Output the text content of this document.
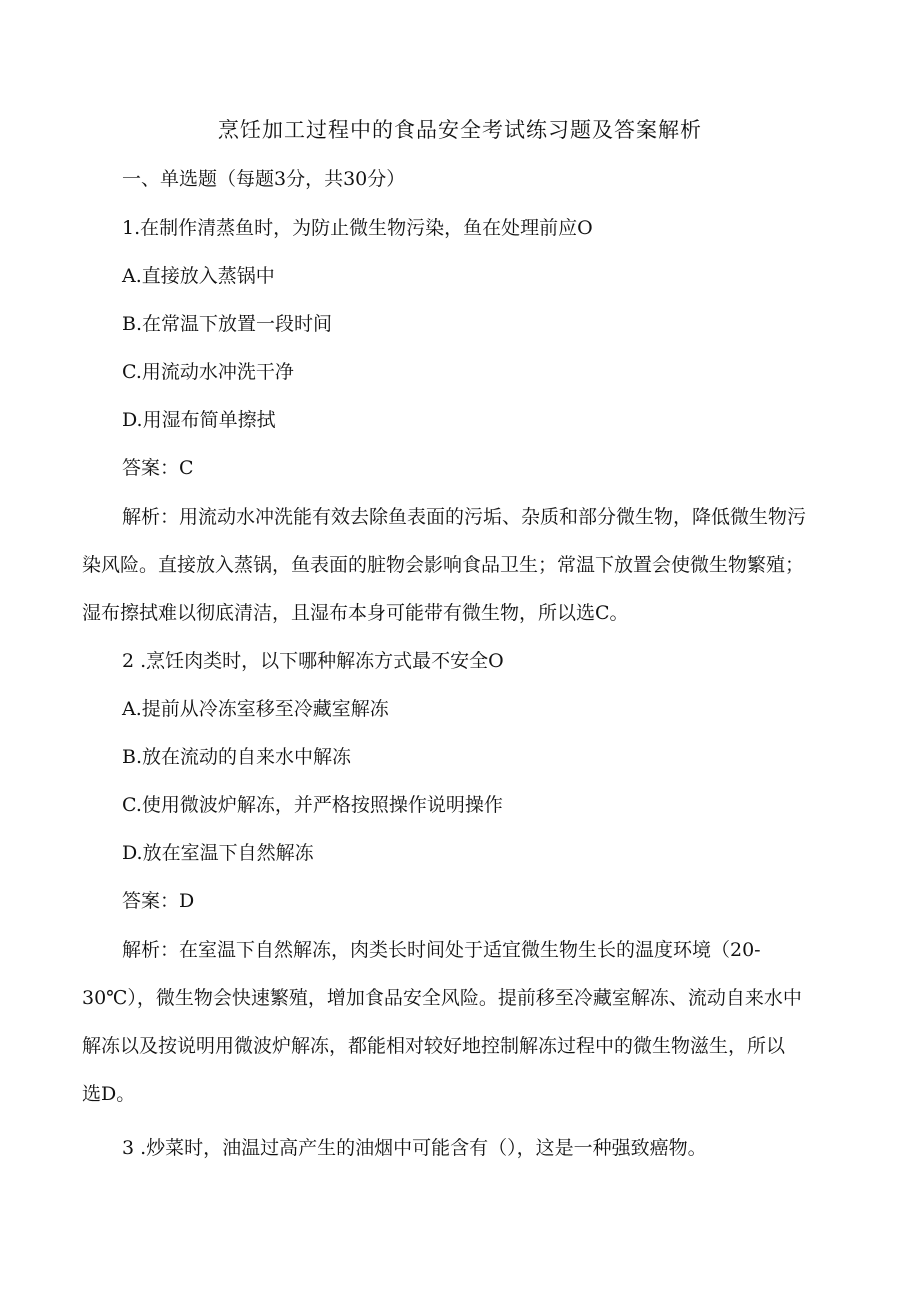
烹饪加工过程中的食品安全考试练习题及答案解析
一、单选题（每题3分，共30分）
1.在制作清蒸鱼时，为防止微生物污染，鱼在处理前应O
A.直接放入蒸锅中
B.在常温下放置一段时间
C.用流动水冲洗干净
D.用湿布简单擦拭
答案：C
解析：用流动水冲洗能有效去除鱼表面的污垢、杂质和部分微生物，降低微生物污
染风险。直接放入蒸锅，鱼表面的脏物会影响食品卫生；常温下放置会使微生物繁殖；
湿布擦拭难以彻底清洁，且湿布本身可能带有微生物，所以选C。
2 .烹饪肉类时，以下哪种解冻方式最不安全O
A.提前从冷冻室移至冷藏室解冻
B.放在流动的自来水中解冻
C.使用微波炉解冻，并严格按照操作说明操作
D.放在室温下自然解冻
答案：D
解析：在室温下自然解冻，肉类长时间处于适宜微生物生长的温度环境（20-
30℃），微生物会快速繁殖，增加食品安全风险。提前移至冷藏室解冻、流动自来水中
解冻以及按说明用微波炉解冻，都能相对较好地控制解冻过程中的微生物滋生，所以
选D。
3 .炒菜时，油温过高产生的油烟中可能含有（），这是一种强致癌物。
